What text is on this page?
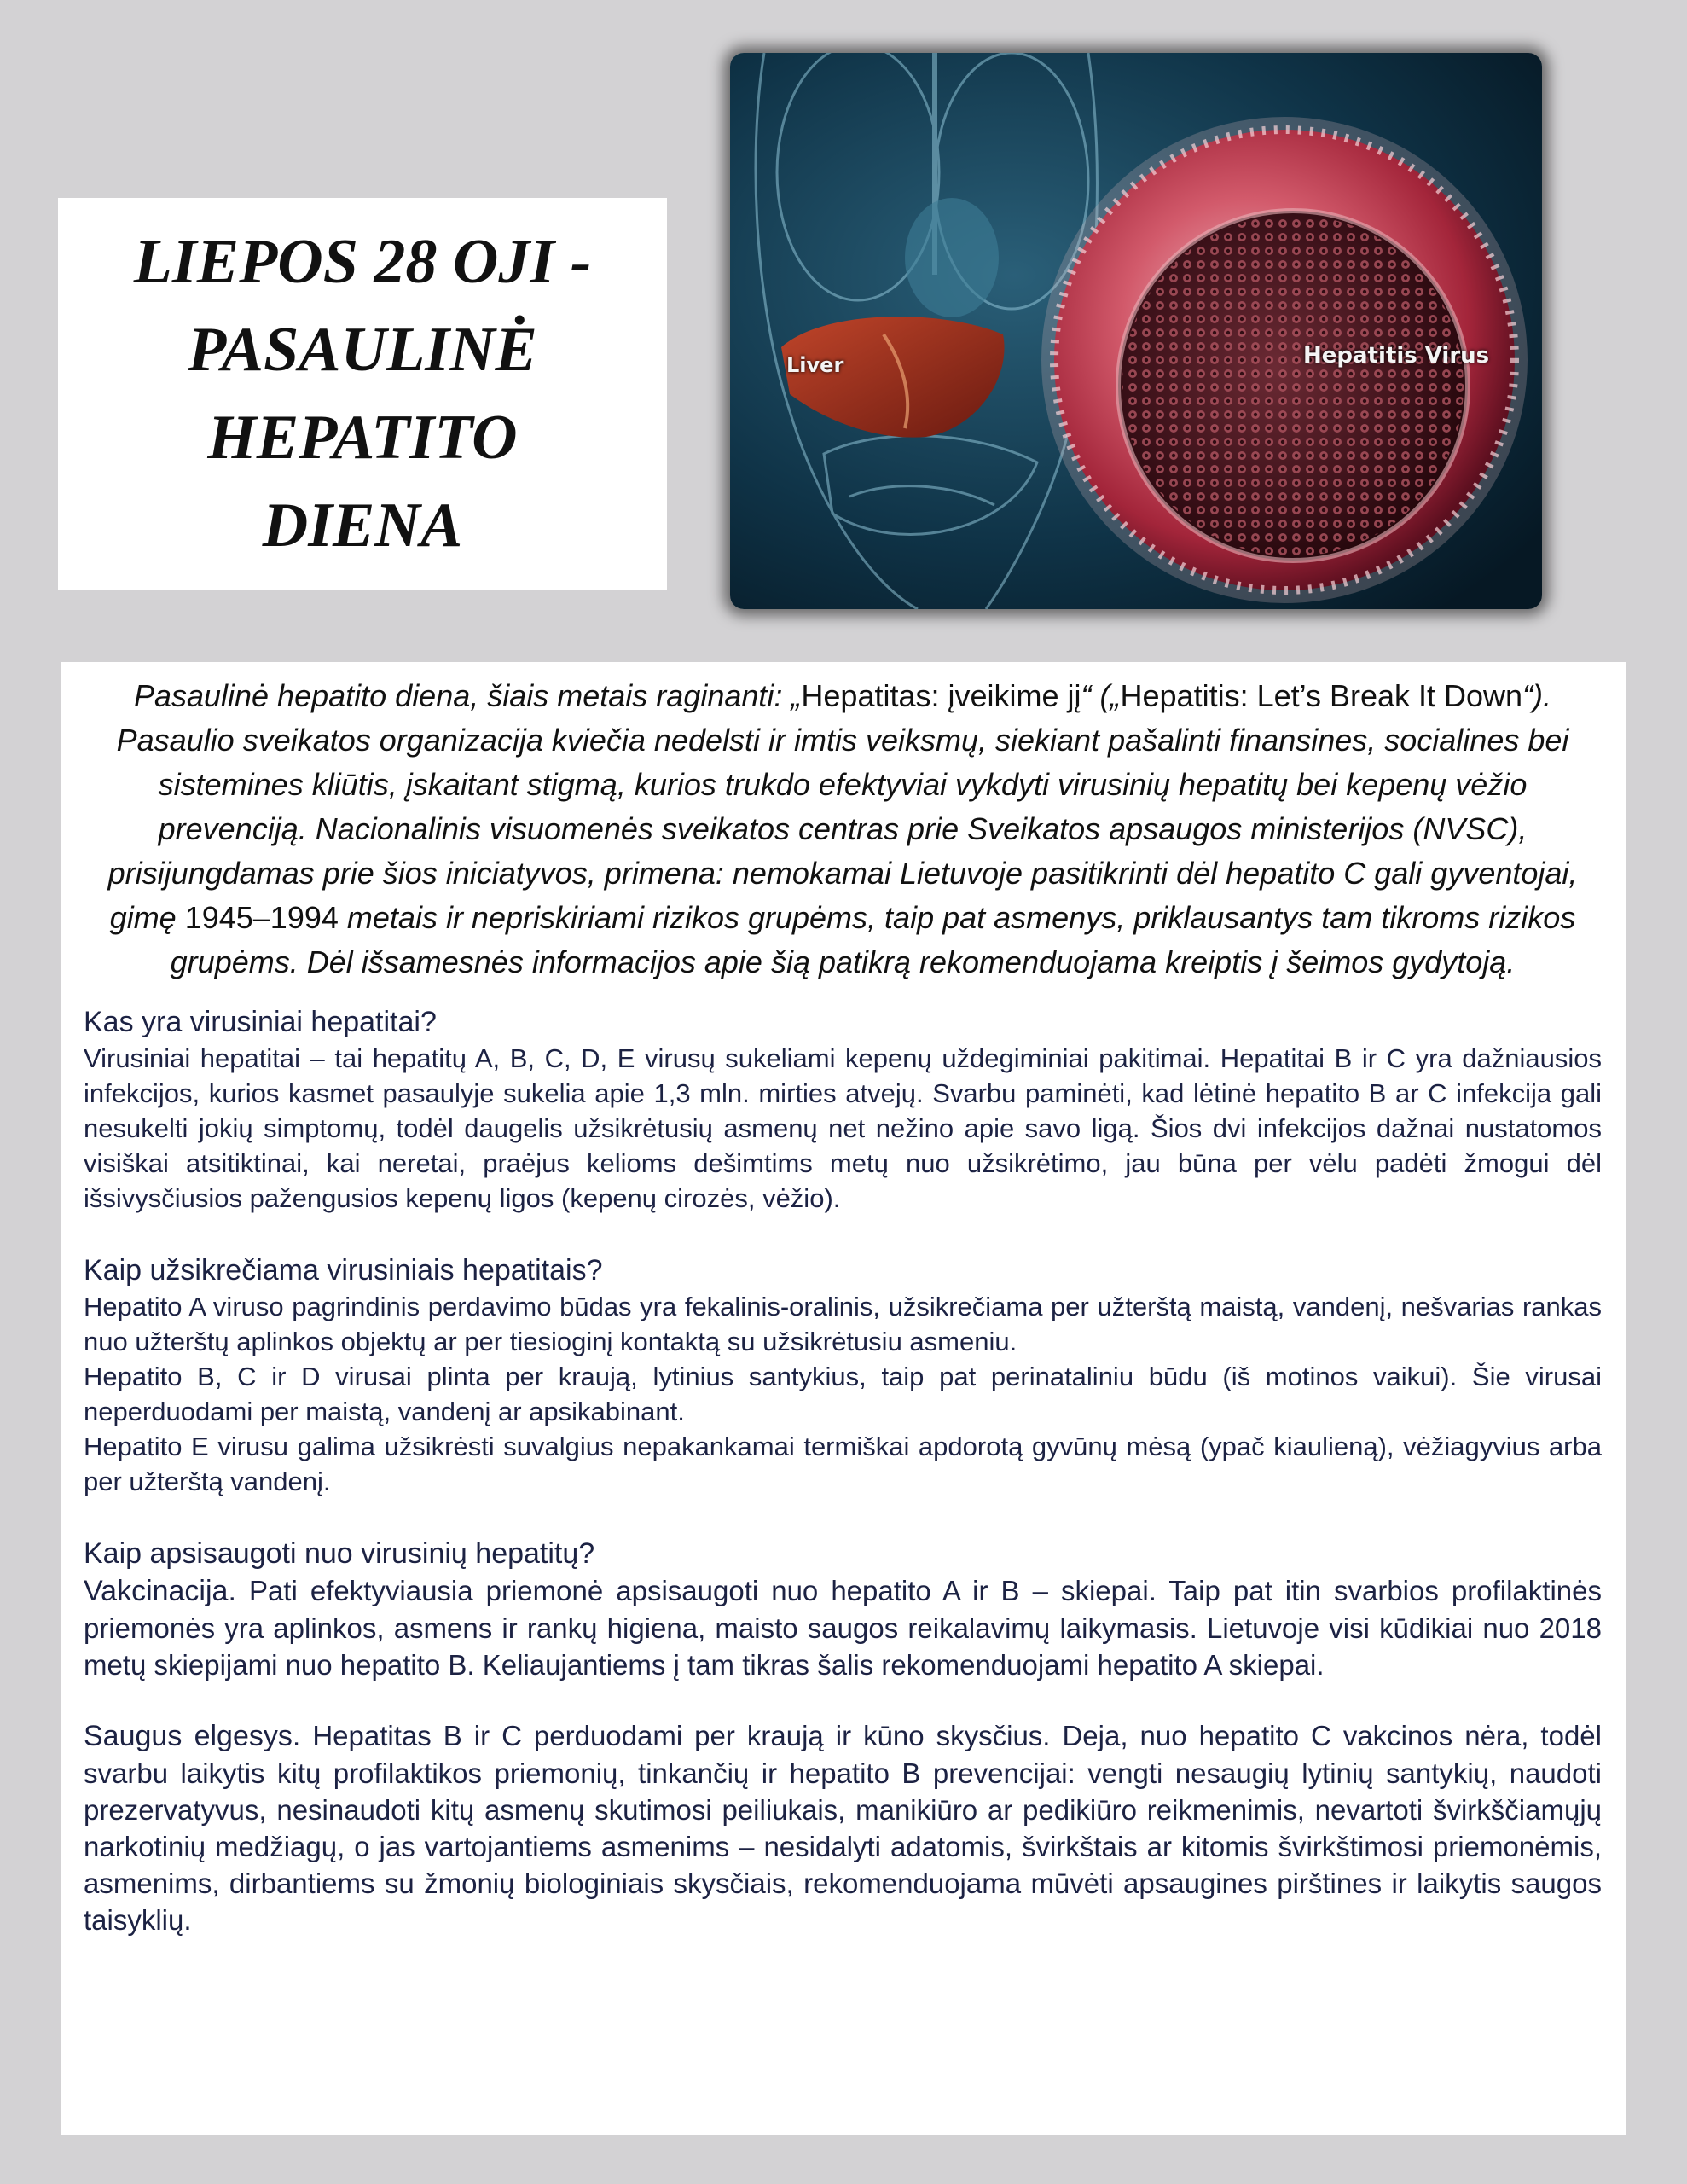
LIEPOS 28 OJI -
PASAULINĖ
HEPATITO
DIENA
Liver	Hepatitis Virus

Pasaulinė hepatito diena, šiais metais raginanti: „Hepatitas: įveikime jį“ („Hepatitis: Let’s Break It Down“). Pasaulio sveikatos organizacija kviečia nedelsti ir imtis veiksmų, siekiant pašalinti finansines, socialines bei sistemines kliūtis, įskaitant stigmą, kurios trukdo efektyviai vykdyti virusinių hepatitų bei kepenų vėžio prevenciją. Nacionalinis visuomenės sveikatos centras prie Sveikatos apsaugos ministerijos (NVSC), prisijungdamas prie šios iniciatyvos, primena: nemokamai Lietuvoje pasitikrinti dėl hepatito C gali gyventojai, gimę 1945–1994 metais ir nepriskiriami rizikos grupėms, taip pat asmenys, priklausantys tam tikroms rizikos grupėms. Dėl išsamesnės informacijos apie šią patikrą rekomenduojama kreiptis į šeimos gydytoją.

Kas yra virusiniai hepatitai?

Virusiniai hepatitai – tai hepatitų A, B, C, D, E virusų sukeliami kepenų uždegiminiai pakitimai. Hepatitai B ir C yra dažniausios infekcijos, kurios kasmet pasaulyje sukelia apie 1,3 mln. mirties atvejų. Svarbu paminėti, kad lėtinė hepatito B ar C infekcija gali nesukelti jokių simptomų, todėl daugelis užsikrėtusių asmenų net nežino apie savo ligą. Šios dvi infekcijos dažnai nustatomos visiškai atsitiktinai, kai neretai, praėjus kelioms dešimtims metų nuo užsikrėtimo, jau būna per vėlu padėti žmogui dėl išsivysčiusios pažengusios kepenų ligos (kepenų cirozės, vėžio).

Kaip užsikrečiama virusiniais hepatitais?

Hepatito A viruso pagrindinis perdavimo būdas yra fekalinis-oralinis, užsikrečiama per užterštą maistą, vandenį, nešvarias rankas nuo užterštų aplinkos objektų ar per tiesioginį kontaktą su užsikrėtusiu asmeniu.

Hepatito B, C ir D virusai plinta per kraują, lytinius santykius, taip pat perinataliniu būdu (iš motinos vaikui). Šie virusai neperduodami per maistą, vandenį ar apsikabinant.

Hepatito E virusu galima užsikrėsti suvalgius nepakankamai termiškai apdorotą gyvūnų mėsą (ypač kiaulieną), vėžiagyvius arba per užterštą vandenį.

Kaip apsisaugoti nuo virusinių hepatitų?

Vakcinacija. Pati efektyviausia priemonė apsisaugoti nuo hepatito A ir B – skiepai. Taip pat itin svarbios profilaktinės priemonės yra aplinkos, asmens ir rankų higiena, maisto saugos reikalavimų laikymasis. Lietuvoje visi kūdikiai nuo 2018 metų skiepijami nuo hepatito B. Keliaujantiems į tam tikras šalis rekomenduojami hepatito A skiepai.

Saugus elgesys. Hepatitas B ir C perduodami per kraują ir kūno skysčius. Deja, nuo hepatito C vakcinos nėra, todėl svarbu laikytis kitų profilaktikos priemonių, tinkančių ir hepatito B prevencijai: vengti nesaugių lytinių santykių, naudoti prezervatyvus, nesinaudoti kitų asmenų skutimosi peiliukais, manikiūro ar pedikiūro reikmenimis, nevartoti švirkščiamųjų narkotinių medžiagų, o jas vartojantiems asmenims – nesidalyti adatomis, švirkštais ar kitomis švirkštimosi priemonėmis, asmenims, dirbantiems su žmonių biologiniais skysčiais, rekomenduojama mūvėti apsaugines pirštines ir laikytis saugos taisyklių.
